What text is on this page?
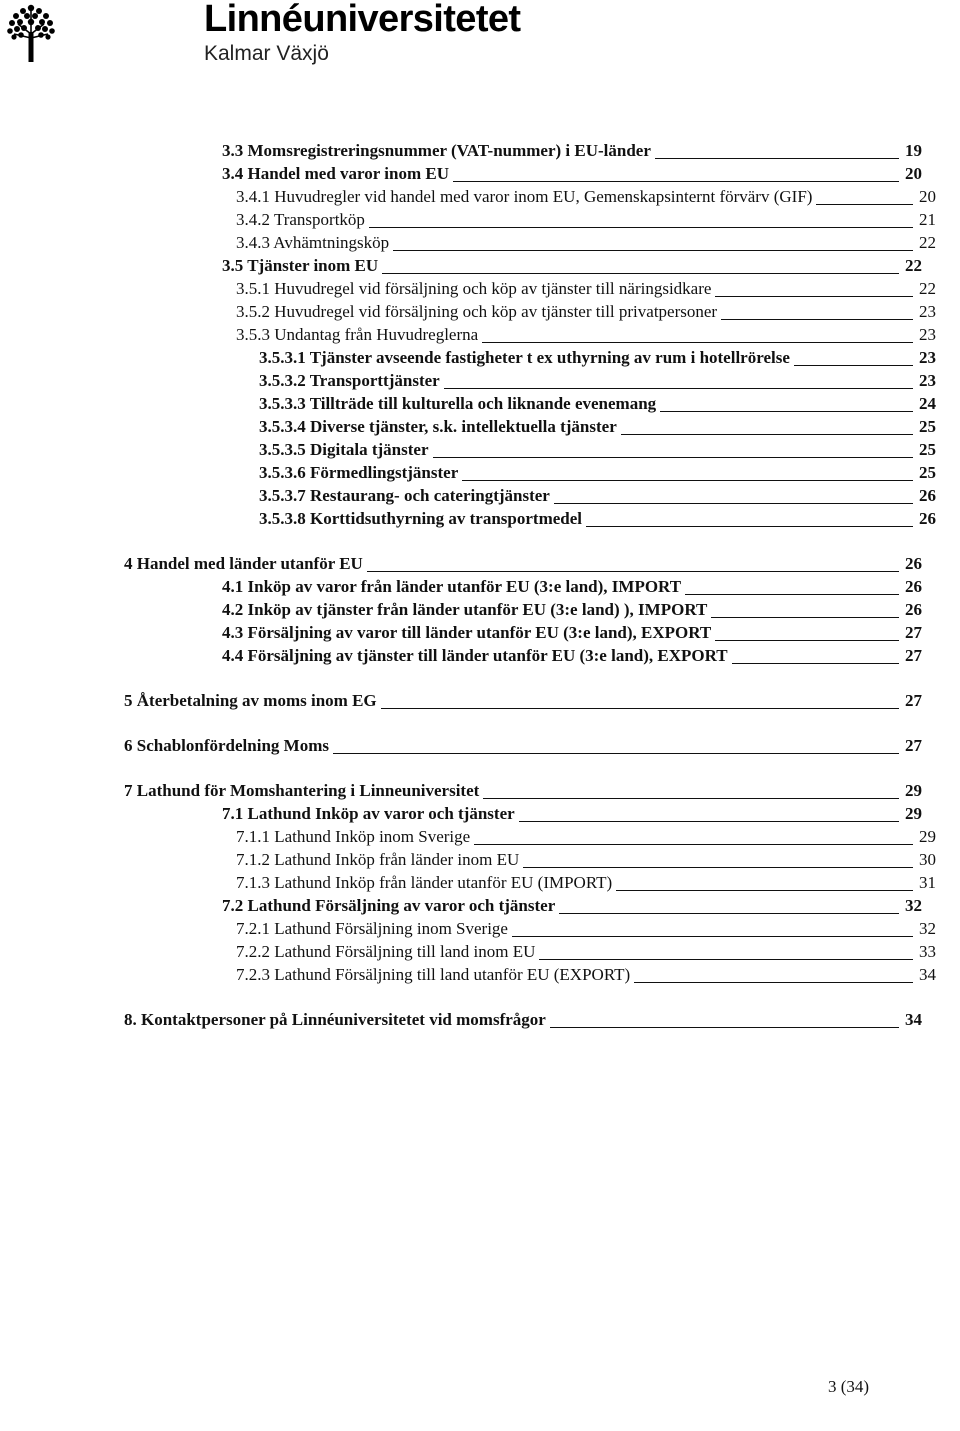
Linnéuniversitetet
Kalmar Växjö
3.3 Momsregistreringsnummer (VAT-nummer) i EU-länder	19
3.4 Handel med varor inom EU	20
3.4.1 Huvudregler vid handel med varor inom EU, Gemenskapsinternt förvärv (GIF)	20
3.4.2 Transportköp	21
3.4.3 Avhämtningsköp	22
3.5 Tjänster inom EU	22
3.5.1 Huvudregel vid försäljning och köp av tjänster till näringsidkare	22
3.5.2 Huvudregel vid försäljning och köp av tjänster till privatpersoner	23
3.5.3 Undantag från Huvudreglerna	23
3.5.3.1 Tjänster avseende fastigheter t ex uthyrning av rum i hotellrörelse	23
3.5.3.2 Transporttjänster	23
3.5.3.3 Tillträde till kulturella och liknande evenemang	24
3.5.3.4 Diverse tjänster, s.k. intellektuella tjänster	25
3.5.3.5 Digitala tjänster	25
3.5.3.6 Förmedlingstjänster	25
3.5.3.7 Restaurang- och cateringtjänster	26
3.5.3.8 Korttidsuthyrning av transportmedel	26
4 Handel med länder utanför EU	26
4.1 Inköp av varor från länder utanför EU (3:e land), IMPORT	26
4.2 Inköp av tjänster från länder utanför EU (3:e land) ), IMPORT	26
4.3 Försäljning av varor till länder utanför EU (3:e land), EXPORT	27
4.4 Försäljning av tjänster till länder utanför EU (3:e land), EXPORT	27
5 Återbetalning av moms inom EG	27
6 Schablonfördelning Moms	27
7 Lathund för Momshantering i Linneuniversitet	29
7.1 Lathund Inköp av varor och tjänster	29
7.1.1 Lathund Inköp inom Sverige	29
7.1.2 Lathund Inköp från länder inom EU	30
7.1.3 Lathund Inköp från länder utanför EU (IMPORT)	31
7.2 Lathund Försäljning av varor och tjänster	32
7.2.1 Lathund Försäljning inom Sverige	32
7.2.2 Lathund Försäljning till land inom EU	33
7.2.3 Lathund Försäljning till land utanför EU (EXPORT)	34
8. Kontaktpersoner på Linnéuniversitetet vid momsfrågor	34
3 (34)
